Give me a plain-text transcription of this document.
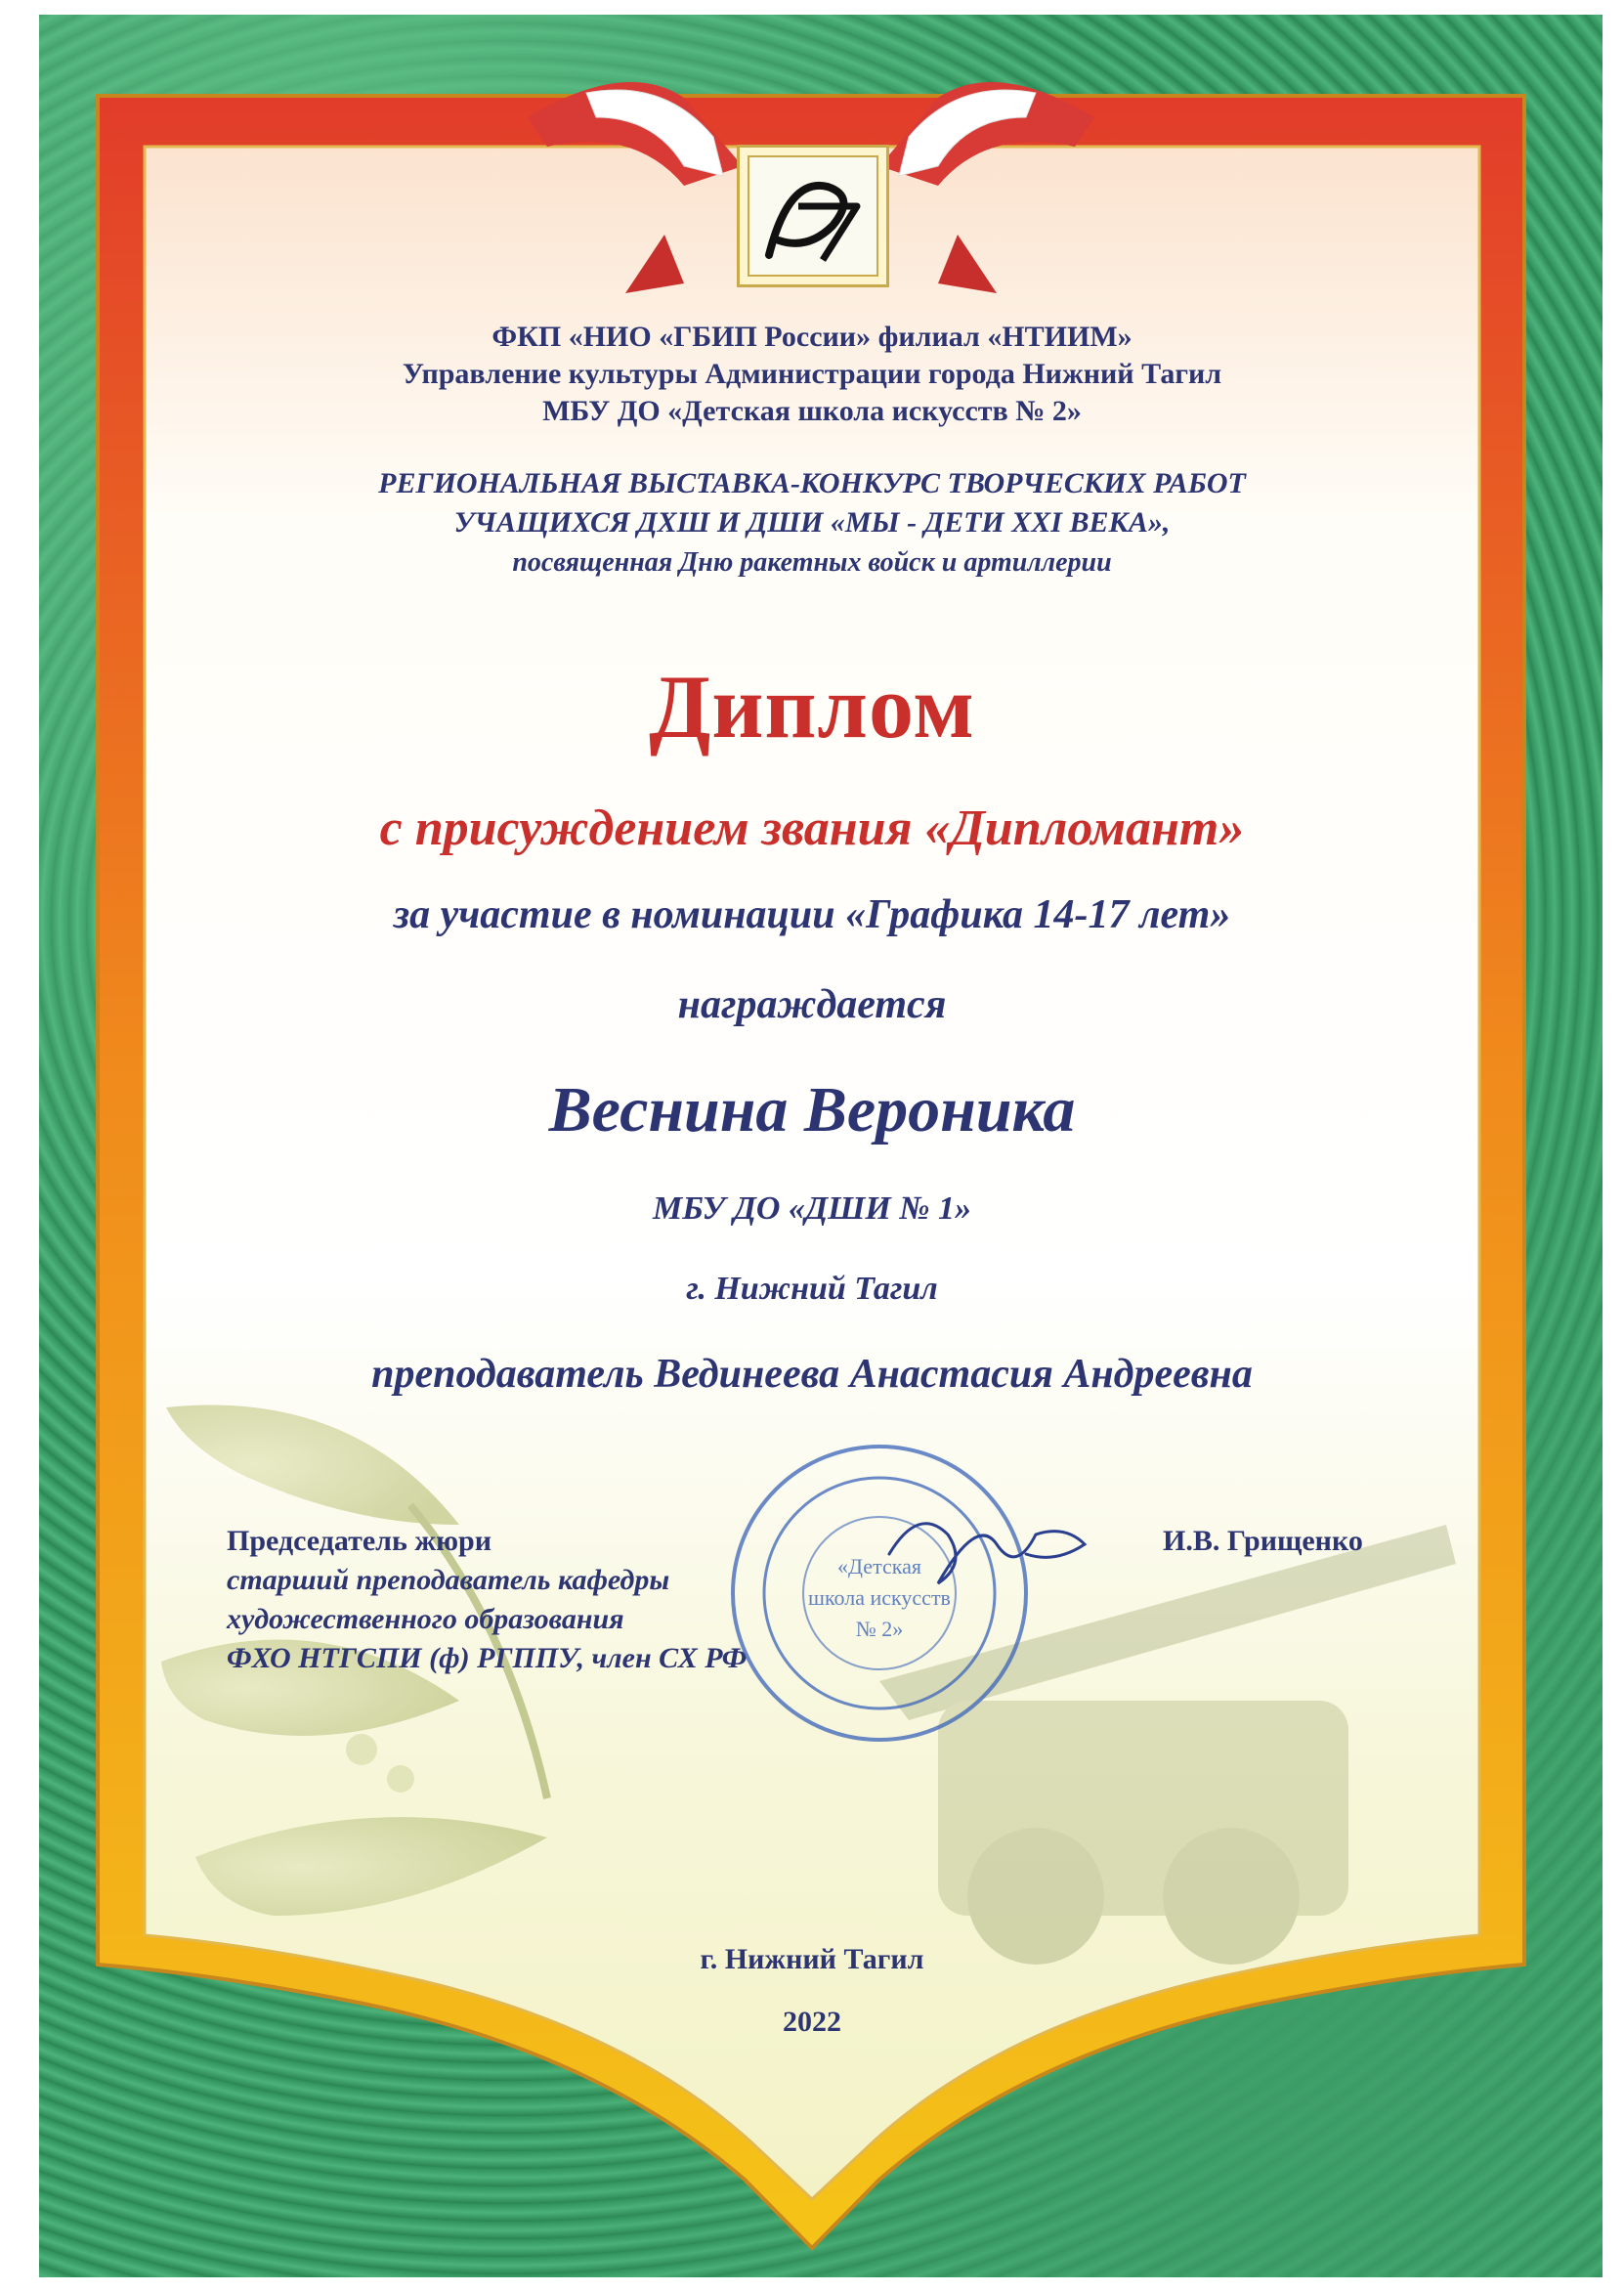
ФКП «НИО «ГБИП России» филиал «НТИИМ»
Управление культуры Администрации города Нижний Тагил
МБУ ДО «Детская школа искусств № 2»
РЕГИОНАЛЬНАЯ ВЫСТАВКА-КОНКУРС ТВОРЧЕСКИХ РАБОТ
УЧАЩИХСЯ ДХШ И ДШИ «МЫ - ДЕТИ XXI ВЕКА»,
посвященная Дню ракетных войск и артиллерии
Диплом
с присуждением звания «Дипломант»
за участие в номинации «Графика 14-17 лет»
награждается
Веснина Вероника
МБУ ДО «ДШИ № 1»
г. Нижний Тагил
преподаватель Вединеева Анастасия Андреевна
Председатель жюри
старший преподаватель кафедры
художественного образования
ФХО НТГСПИ (ф) РГППУ, член СХ РФ
И.В. Грищенко
«Детская
школа искусств
№ 2»
г. Нижний Тагил
2022
